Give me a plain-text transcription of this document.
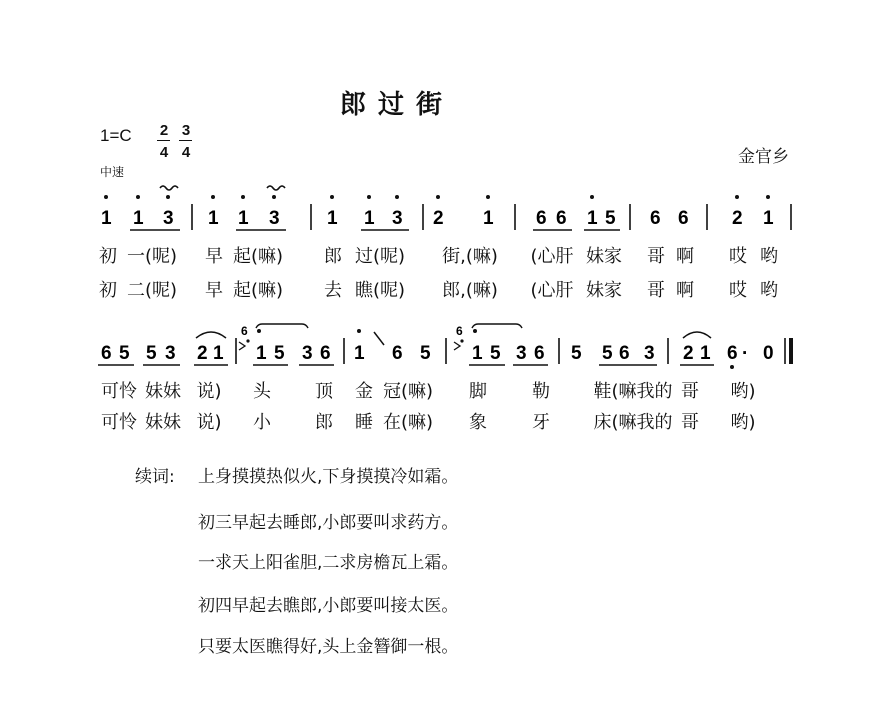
郎过街
1=C 2
4
3
4
中速
金官乡
1 1 3 1 1 3 1 1 3 2 1 6 6 1 5 6 6 2 1
6 5 5 3 2 1 1 5 3 6 1 6 5 1 5 3 6 5 5 6 3 2 1 6 · 0
6	6
初 一(呢) 早 起(嘛) 郎 过(呢) 街,(嘛) (心肝 妹家 哥 啊 哎 哟
初 二(呢) 早 起(嘛) 去 瞧(呢) 郎,(嘛) (心肝 妹家 哥 啊 哎 哟
可怜 妹妹 说) 头 顶 金 冠(嘛) 脚	勒 鞋(嘛我的 哥 哟)
可怜 妹妹 说) 小 郎 睡 在(嘛) 象	牙 床(嘛我的 哥 哟)
续词: 上身摸摸热似火,下身摸摸冷如霜。
初三早起去睡郎,小郎要叫求药方。
一求天上阳雀胆,二求房檐瓦上霜。
初四早起去瞧郎,小郎要叫接太医。
只要太医瞧得好,头上金簪御一根。
